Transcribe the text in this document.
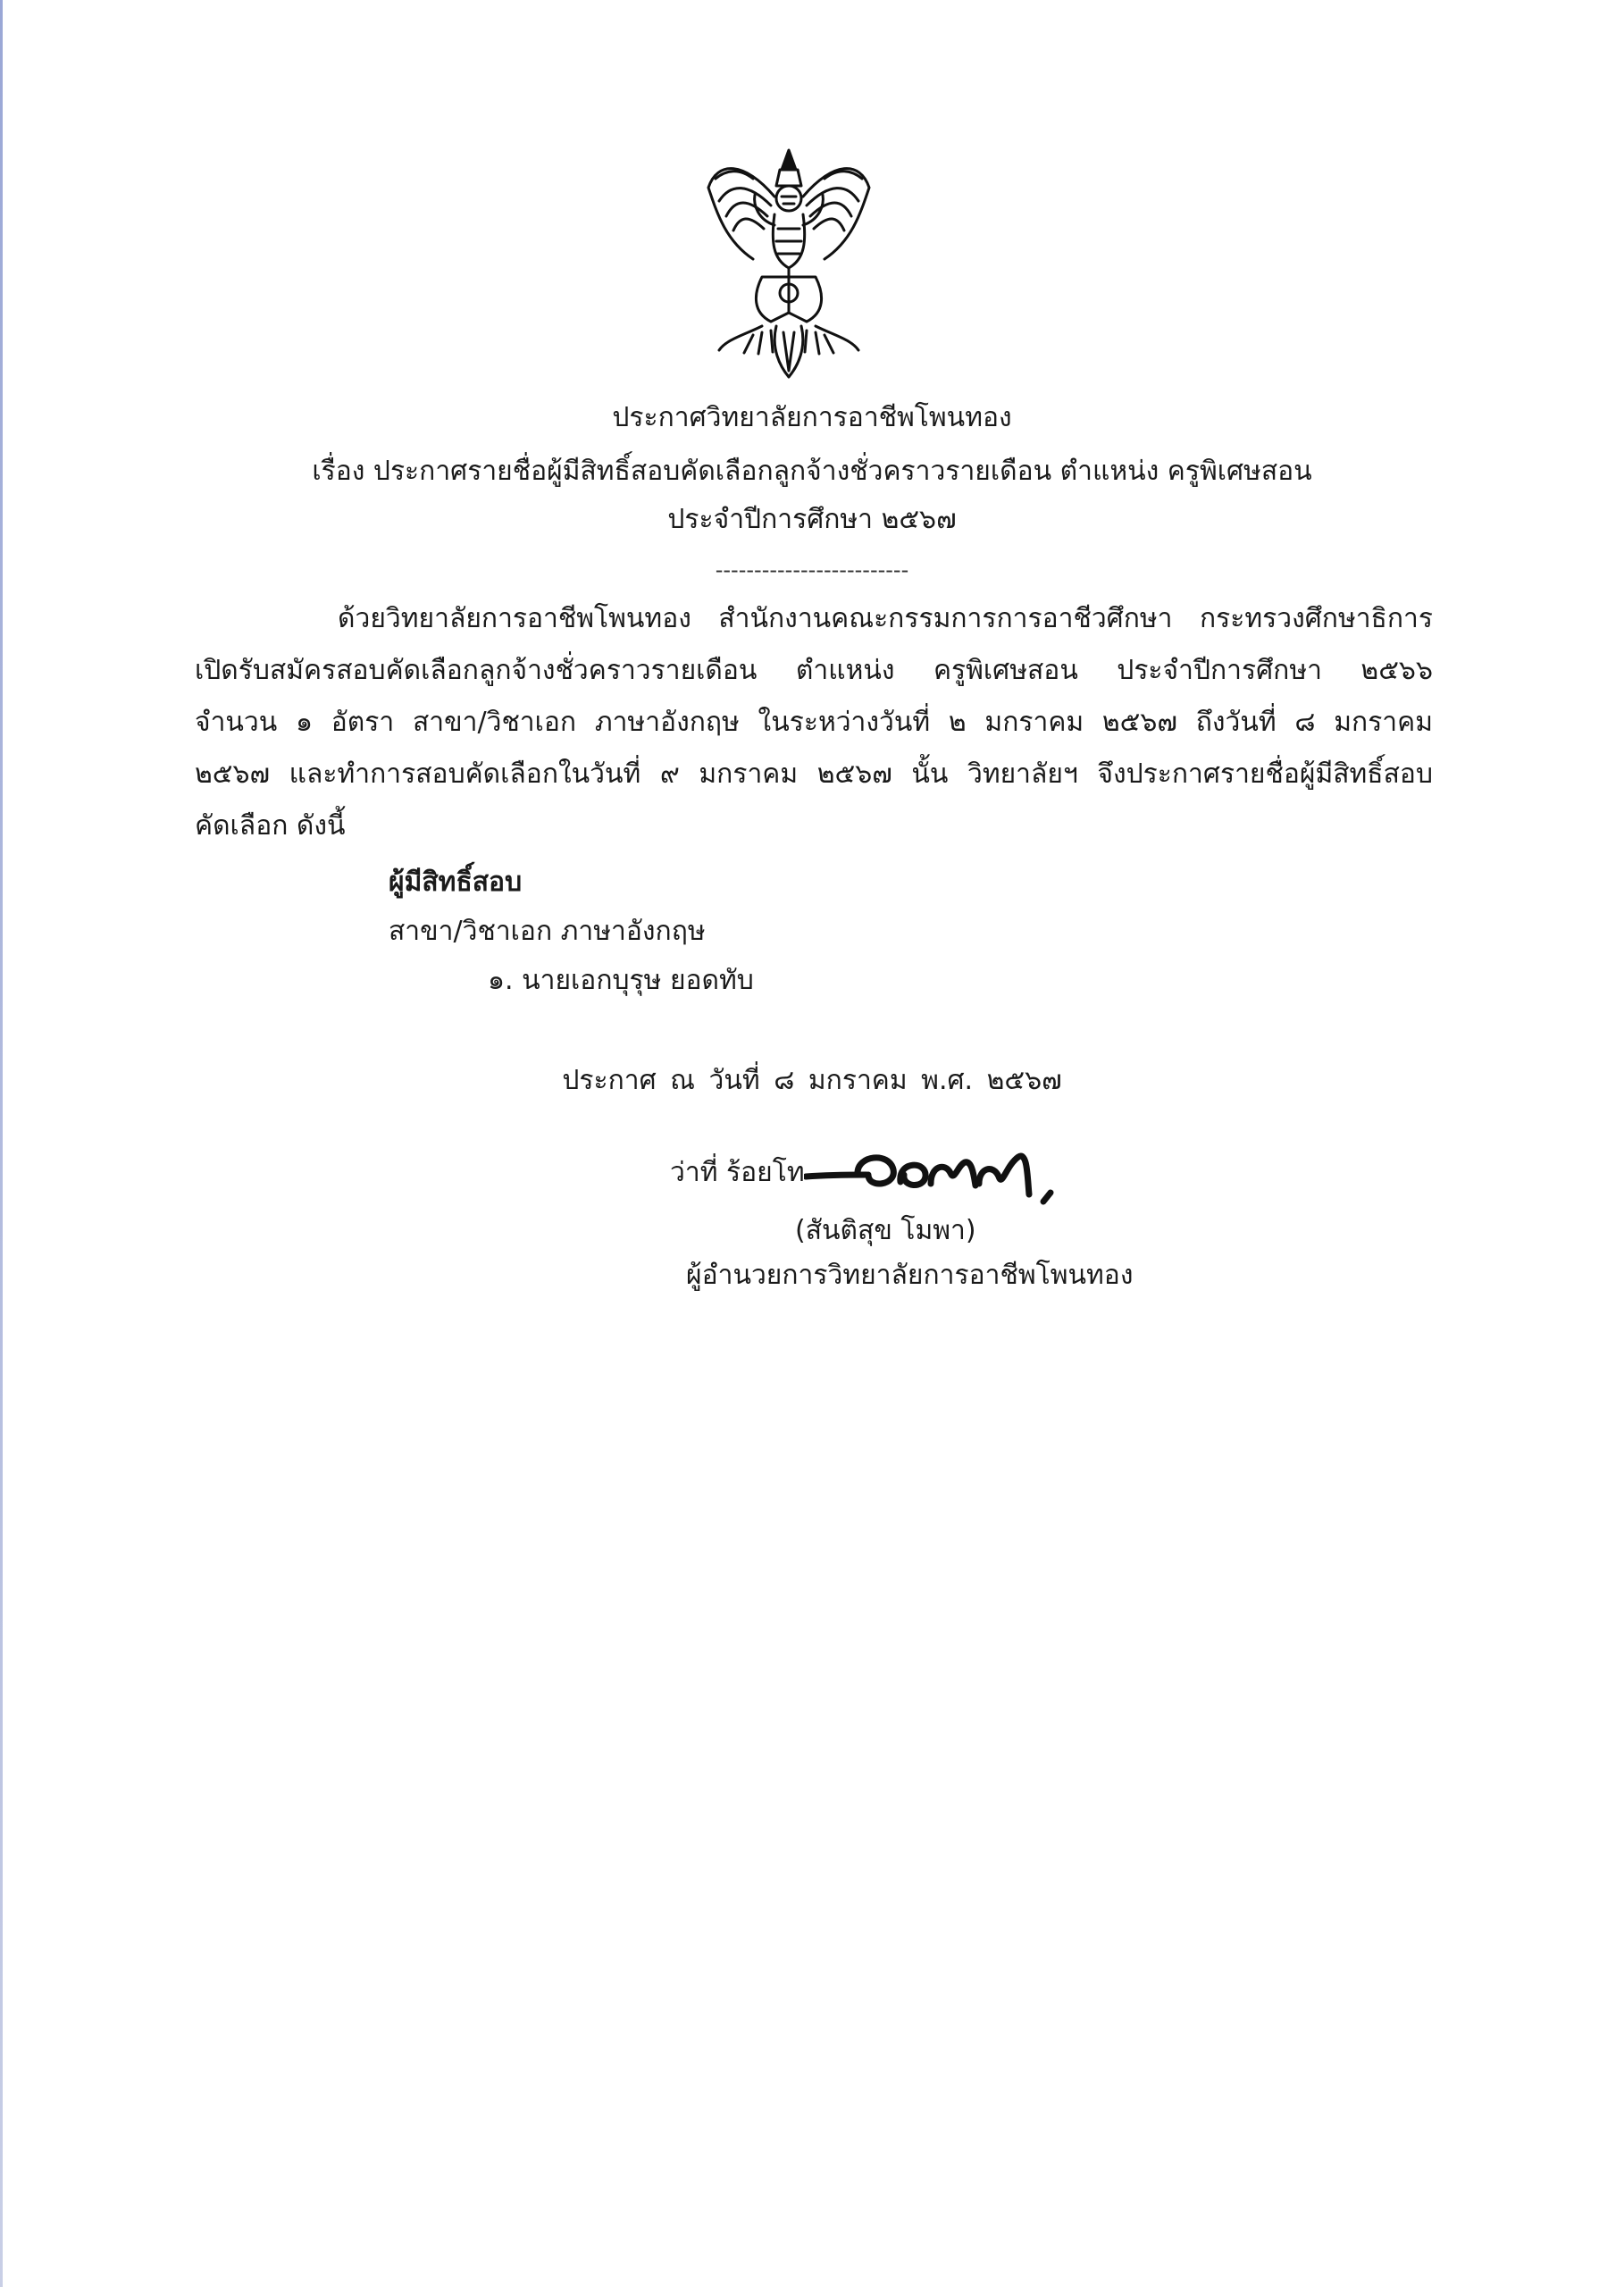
ประกาศวิทยาลัยการอาชีพโพนทอง
เรื่อง ประกาศรายชื่อผู้มีสิทธิ์สอบคัดเลือกลูกจ้างชั่วคราวรายเดือน ตำแหน่ง ครูพิเศษสอน
ประจำปีการศึกษา ๒๕๖๗
-------------------------
ด้วยวิทยาลัยการอาชีพโพนทอง สำนักงานคณะกรรมการการอาชีวศึกษา กระทรวงศึกษาธิการ
เปิดรับสมัครสอบคัดเลือกลูกจ้างชั่วคราวรายเดือน ตำแหน่ง ครูพิเศษสอน ประจำปีการศึกษา ๒๕๖๖
จำนวน ๑ อัตรา สาขา/วิชาเอก ภาษาอังกฤษ ในระหว่างวันที่ ๒ มกราคม ๒๕๖๗ ถึงวันที่ ๘ มกราคม
๒๕๖๗ และทำการสอบคัดเลือกในวันที่ ๙ มกราคม ๒๕๖๗ นั้น วิทยาลัยฯ จึงประกาศรายชื่อผู้มีสิทธิ์สอบ
คัดเลือก ดังนี้
ผู้มีสิทธิ์สอบ
สาขา/วิชาเอก ภาษาอังกฤษ
๑. นายเอกบุรุษ ยอดทับ
ประกาศ ณ วันที่ ๘ มกราคม พ.ศ. ๒๕๖๗
ว่าที่ ร้อยโท
(สันติสุข โมพา)
ผู้อำนวยการวิทยาลัยการอาชีพโพนทอง
